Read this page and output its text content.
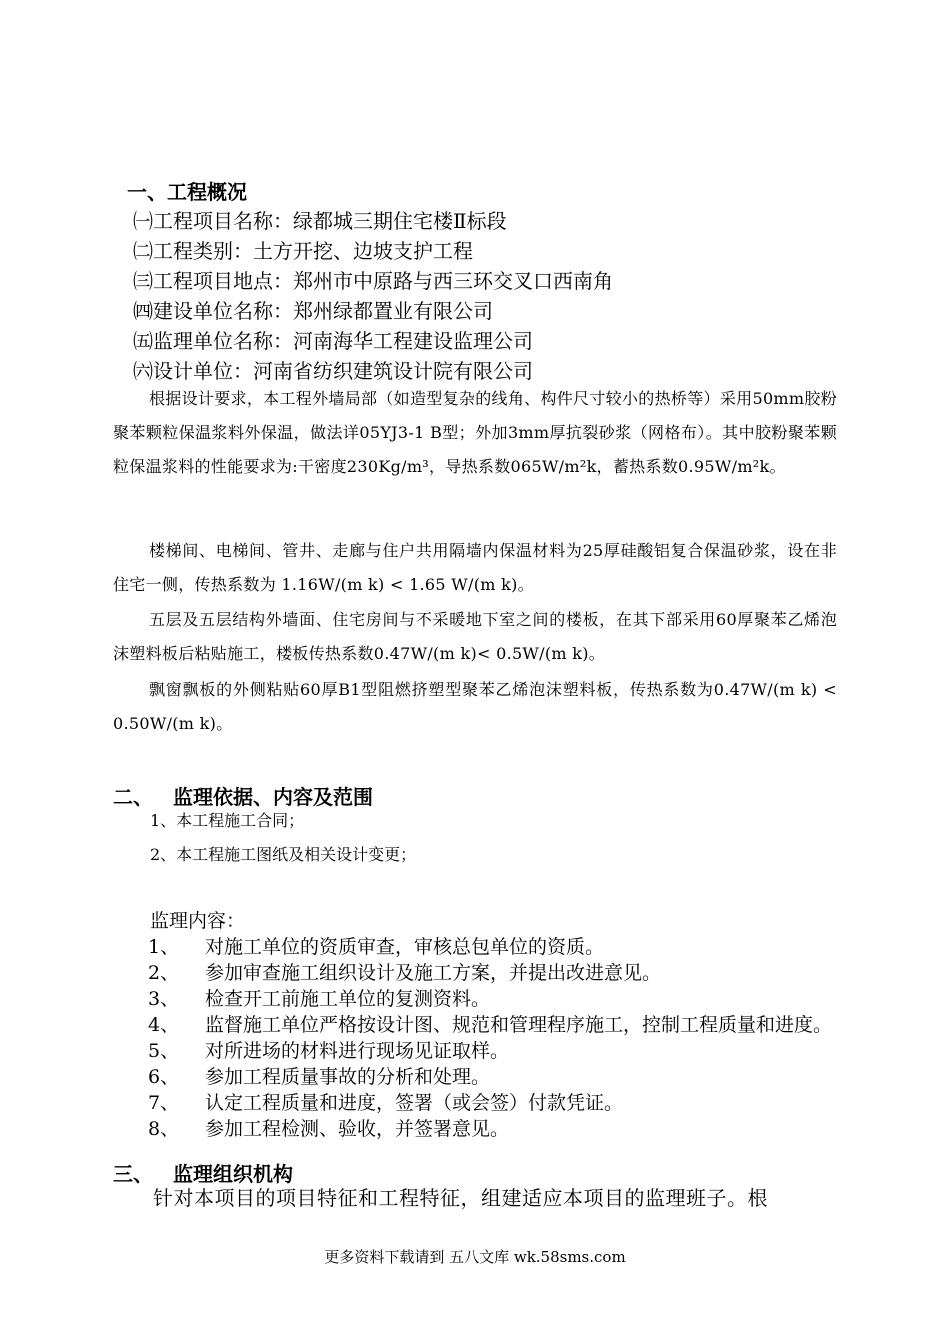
一、工程概况
㈠工程项目名称：绿都城三期住宅楼Ⅱ标段
㈡工程类别：土方开挖、边坡支护工程
㈢工程项目地点：郑州市中原路与西三环交叉口西南角
㈣建设单位名称：郑州绿都置业有限公司
㈤监理单位名称：河南海华工程建设监理公司
㈥设计单位：河南省纺织建筑设计院有限公司
根据设计要求，本工程外墙局部（如造型复杂的线角、构件尺寸较小的热桥等）采用50mm胶粉聚苯颗粒保温浆料外保温，做法详05YJ3-1 B型；外加3mm厚抗裂砂浆（网格布）。其中胶粉聚苯颗粒保温浆料的性能要求为:干密度230Kg/m³，导热系数065W/m²k，蓄热系数0.95W/m²k。
楼梯间、电梯间、管井、走廊与住户共用隔墙内保温材料为25厚硅酸铝复合保温砂浆，设在非住宅一侧，传热系数为 1.16W/(m k) < 1.65 W/(m k)。
五层及五层结构外墙面、住宅房间与不采暖地下室之间的楼板，在其下部采用60厚聚苯乙烯泡沫塑料板后粘贴施工，楼板传热系数0.47W/(m k)< 0.5W/(m k)。
飘窗飘板的外侧粘贴60厚B1型阻燃挤塑型聚苯乙烯泡沫塑料板，传热系数为0.47W/(m k) < 0.50W/(m k)。
二、 监理依据、内容及范围
1、本工程施工合同；
2、本工程施工图纸及相关设计变更；
监理内容：
1、	对施工单位的资质审查，审核总包单位的资质。
2、	参加审查施工组织设计及施工方案，并提出改进意见。
3、	检查开工前施工单位的复测资料。
4、	监督施工单位严格按设计图、规范和管理程序施工，控制工程质量和进度。
5、	对所进场的材料进行现场见证取样。
6、	参加工程质量事故的分析和处理。
7、	认定工程质量和进度，签署（或会签）付款凭证。
8、	参加工程检测、验收，并签署意见。
三、 监理组织机构
针对本项目的项目特征和工程特征，组建适应本项目的监理班子。根
更多资料下载请到 五八文库 wk.58sms.com
